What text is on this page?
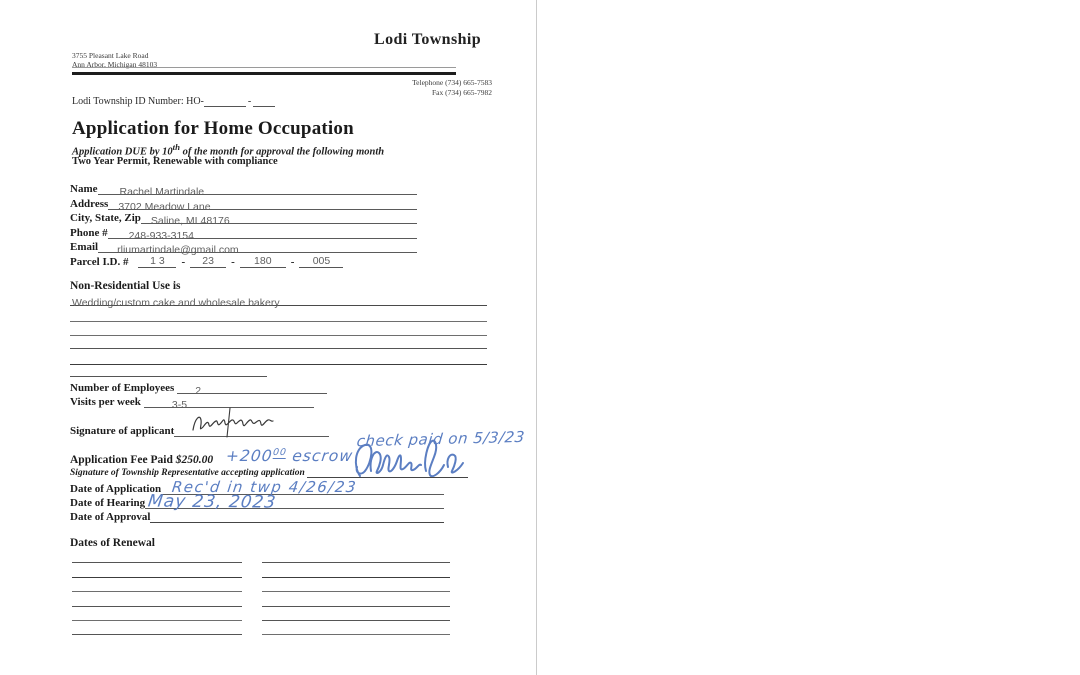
Lodi Township
3755 Pleasant Lake Road
Ann Arbor, Michigan 48103
Telephone (734) 665-7583
Fax (734) 665-7982
Lodi Township ID Number: HO-	-
Application for Home Occupation
Application DUE by 10th of the month for approval the following month
Two Year Permit, Renewable with compliance
Name	Rachel Martindale
Address 3702 Meadow Lane
City, State, Zip Saline, MI 48176
Phone #	248-933-3154
Email	rliumartindale@gmail.com
Parcel I.D. #	1 3	-	23	-	180	-	005
Non-Residential Use is
Wedding/custom cake and wholesale bakery
Number of Employees	2
Visits per week	3-5
Signature of applicant	check paid on 5/3/23
Application Fee Paid $250.00 $+200^{00}$ escrow
Signature of Township Representative accepting application
Date of Application Rec'd in twp 4/26/23
Date of Hearing May 23, 2023
Date of Approval
Dates of Renewal
